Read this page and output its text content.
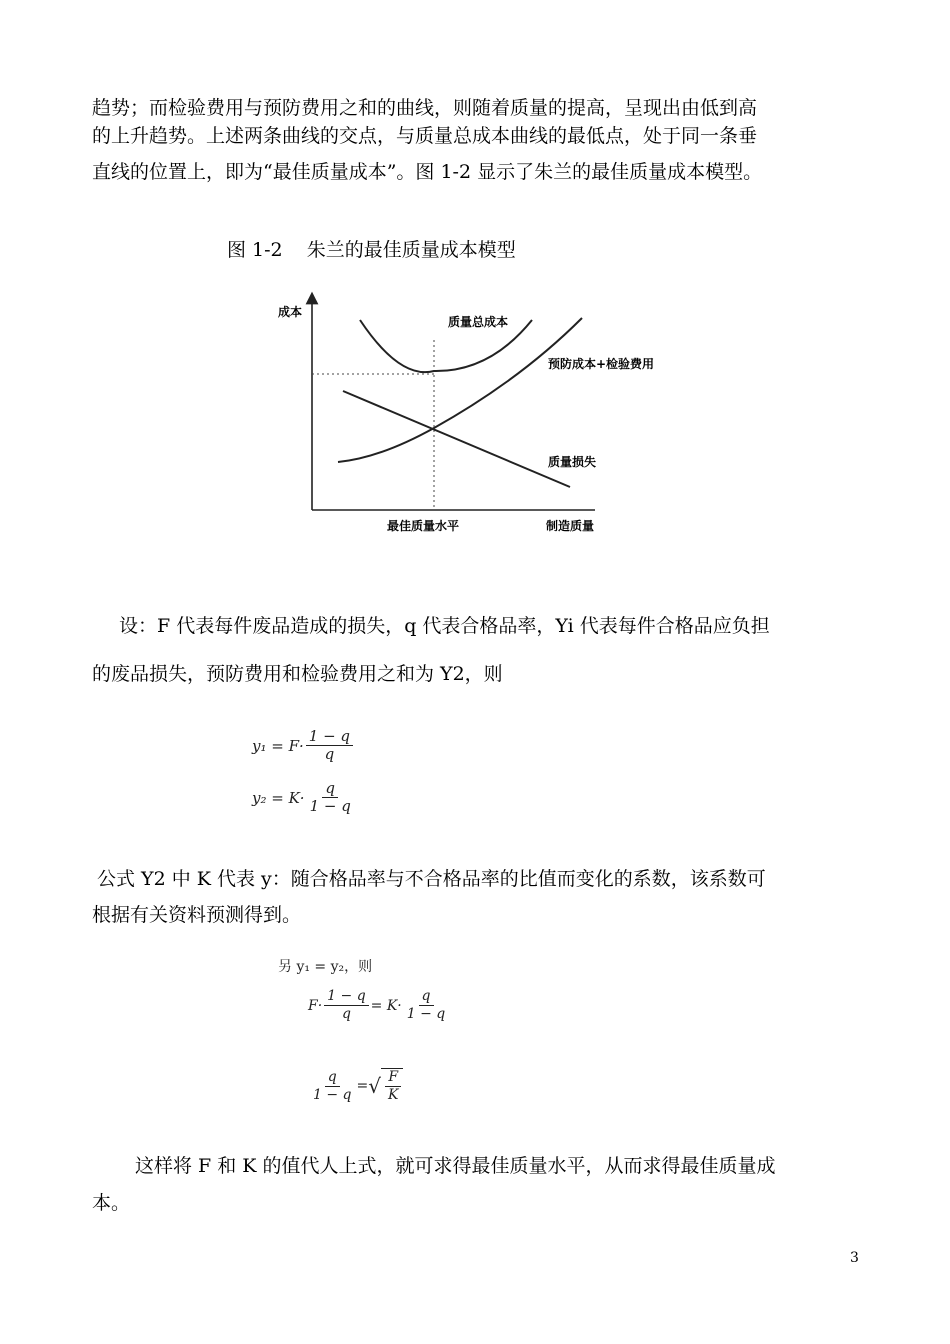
趋势；而检验费用与预防费用之和的曲线，则随着质量的提高，呈现出由低到高
的上升趋势。上述两条曲线的交点，与质量总成本曲线的最低点，处于同一条垂
直线的位置上，即为“最佳质量成本”。图 1-2 显示了朱兰的最佳质量成本模型。
图 1-2    朱兰的最佳质量成本模型
成本
质量总成本
预防成本+检验费用
质量损失
最佳质量水平	制造质量
设：F 代表每件废品造成的损失，q 代表合格品率，Yi 代表每件合格品应负担
的废品损失，预防费用和检验费用之和为 Y2，则
$y_1 = F\cdot \frac{1 - q}{q}$
$y_2 = K\cdot \frac{q}{1 - q}$
公式 Y2 中 K 代表 y：随合格品率与不合格品率的比值而变化的系数，该系数可
根据有关资料预测得到。
另 y₁ = y₂，则
$F\cdot \frac{1 - q}{q} = K\cdot \frac{q}{1 - q}$
$\frac{q}{1 - q}$ = √ $\frac{F}{K}$
这样将 F 和 K 的值代人上式，就可求得最佳质量水平，从而求得最佳质量成
本。
3
